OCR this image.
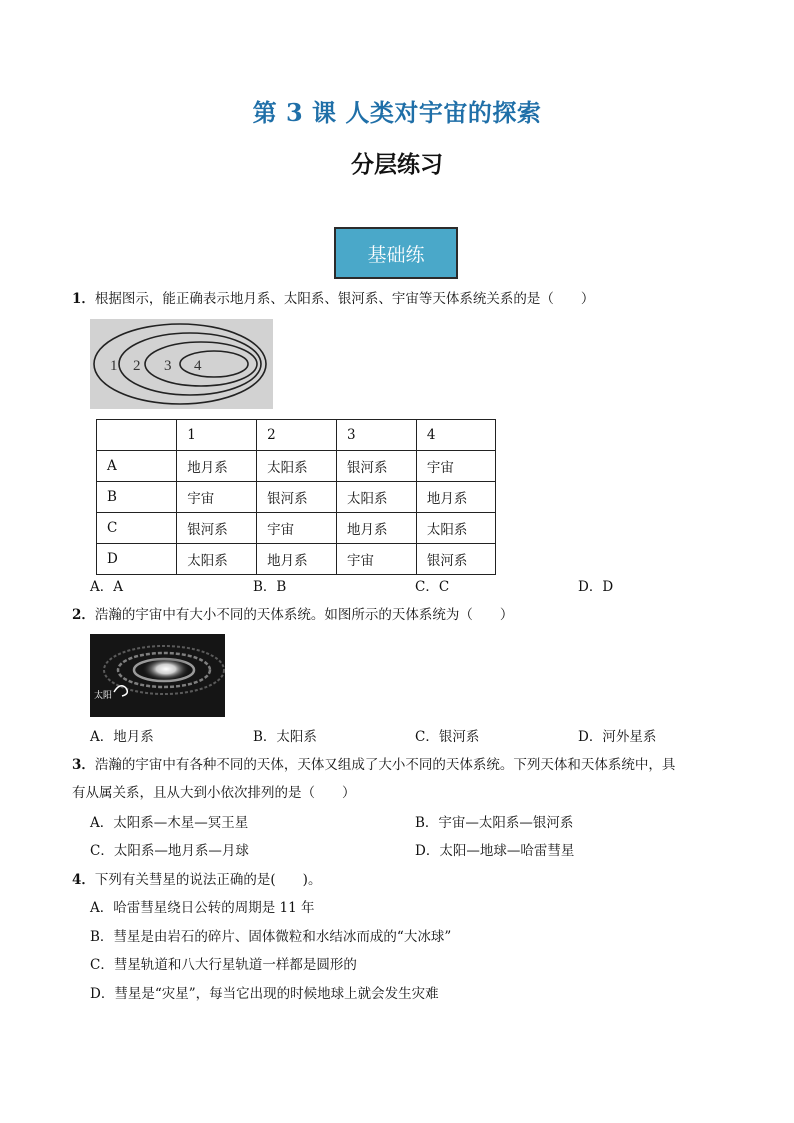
第 3 课 人类对宇宙的探索
分层练习
基础练
1．根据图示，能正确表示地月系、太阳系、银河系、宇宙等天体系统关系的是（　　）
1 2 3 4
	1	2	3	4
A	地月系	太阳系	银河系	宇宙
B	宇宙	银河系	太阳系	地月系
C	银河系	宇宙	地月系	太阳系
D	太阳系	地月系	宇宙	银河系
A．A	B．B	C．C	D．D
2．浩瀚的宇宙中有大小不同的天体系统。如图所示的天体系统为（　　）
太阳
A．地月系	B．太阳系	C．银河系	D．河外星系
3．浩瀚的宇宙中有各种不同的天体，天体又组成了大小不同的天体系统。下列天体和天体系统中，具
有从属关系，且从大到小依次排列的是（　　）
A．太阳系—木星—冥王星	B．宇宙—太阳系—银河系
C．太阳系—地月系—月球	D．太阳—地球—哈雷彗星
4．下列有关彗星的说法正确的是(　　)。
A．哈雷彗星绕日公转的周期是 11 年
B．彗星是由岩石的碎片、固体微粒和水结冰而成的“大冰球”
C．彗星轨道和八大行星轨道一样都是圆形的
D．彗星是“灾星”，每当它出现的时候地球上就会发生灾难
